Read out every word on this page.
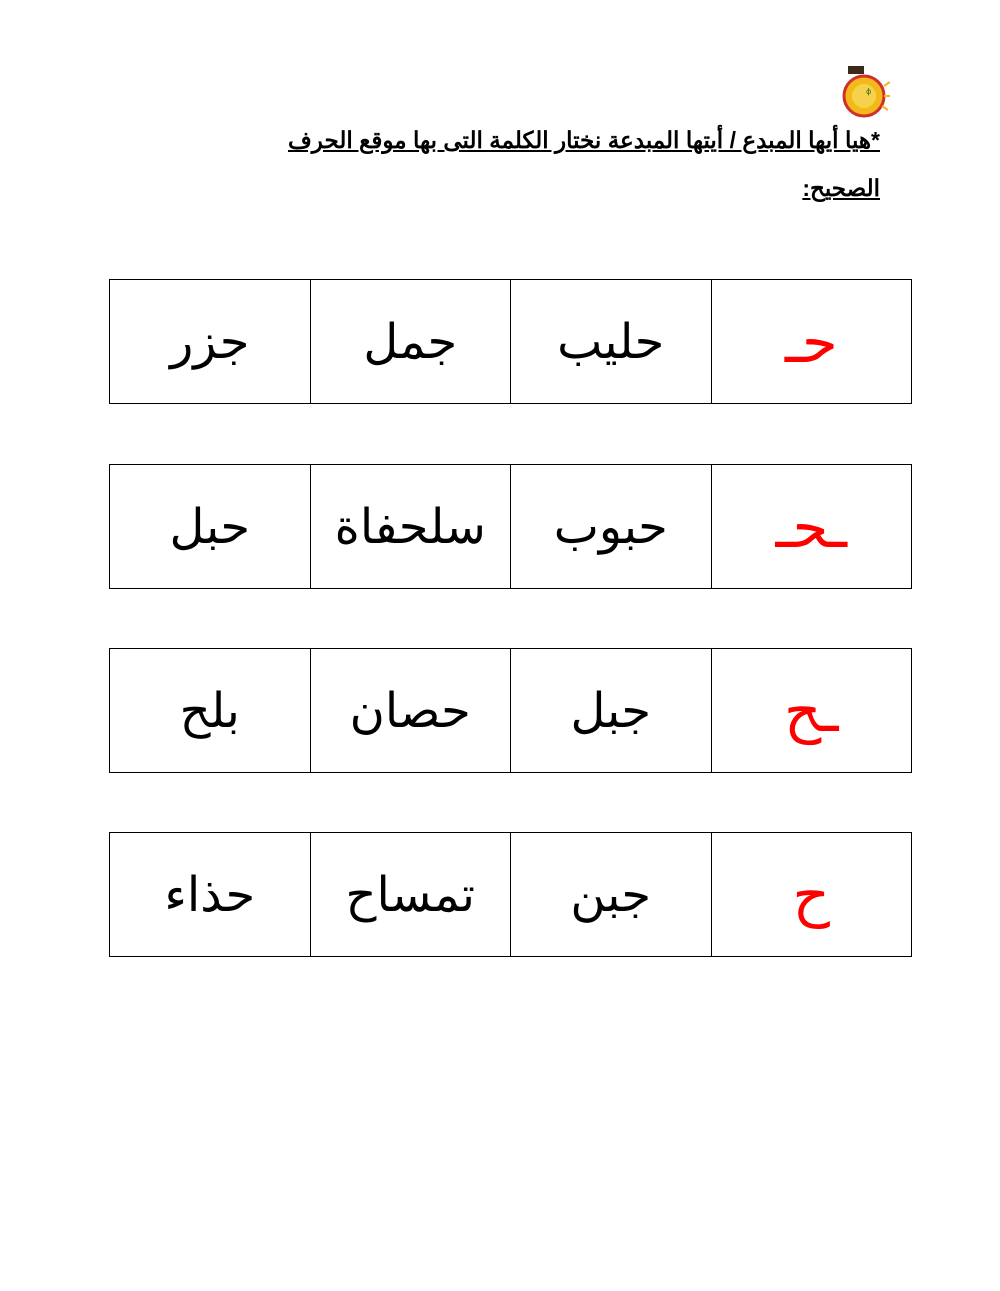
ϕ
*هيا أيها المبدع / أيتها المبدعة نختار الكلمة التى بها موقع الحرف
الصحيح:
حـ
حليب
جمل
جزر
ـحـ
حبوب
سلحفاة
حبل
ـح
جبل
حصان
بلح
ح
جبن
تمساح
حذاء
